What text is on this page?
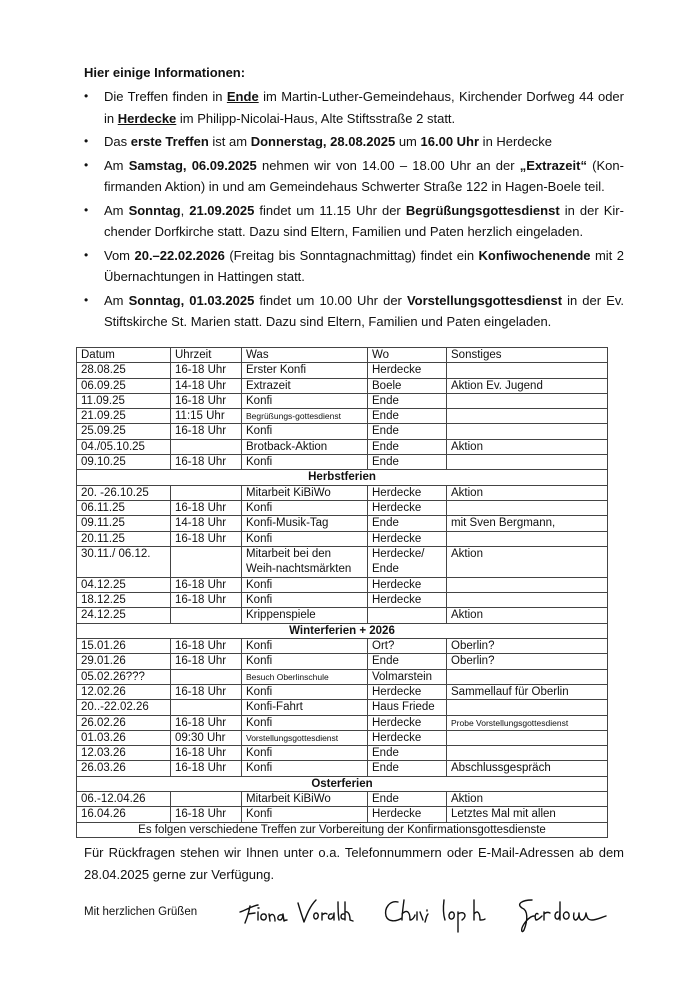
Hier einige Informationen:
• Die Treffen finden in Ende im Martin-Luther-Gemeindehaus, Kirchender Dorfweg 44 oder in Herdecke im Philipp-Nicolai-Haus, Alte Stiftsstraße 2 statt.
• Das erste Treffen ist am Donnerstag, 28.08.2025 um 16.00 Uhr in Herdecke
• Am Samstag, 06.09.2025 nehmen wir von 14.00 – 18.00 Uhr an der „Extrazeit“ (Konfirmanden Aktion) in und am Gemeindehaus Schwerter Straße 122 in Hagen-Boele teil.
• Am Sonntag, 21.09.2025 findet um 11.15 Uhr der Begrüßungsgottesdienst in der Kirchender Dorfkirche statt. Dazu sind Eltern, Familien und Paten herzlich eingeladen.
• Vom 20.–22.02.2026 (Freitag bis Sonntagnachmittag) findet ein Konfiwochenende mit 2 Übernachtungen in Hattingen statt.
• Am Sonntag, 01.03.2025 findet um 10.00 Uhr der Vorstellungsgottesdienst in der Ev. Stiftskirche St. Marien statt. Dazu sind Eltern, Familien und Paten eingeladen.
Datum	Uhrzeit	Was	Wo	Sonstiges
28.08.25	16-18 Uhr	Erster Konfi	Herdecke	
06.09.25	14-18 Uhr	Extrazeit	Boele	Aktion Ev. Jugend
11.09.25	16-18 Uhr	Konfi	Ende	
21.09.25	11:15 Uhr	Begrüßungs-gottesdienst	Ende	
25.09.25	16-18 Uhr	Konfi	Ende	
04./05.10.25		Brotback-Aktion	Ende	Aktion
09.10.25	16-18 Uhr	Konfi	Ende	
Herbstferien				
20. -26.10.25		Mitarbeit KiBiWo	Herdecke	Aktion
06.11.25	16-18 Uhr	Konfi	Herdecke	
09.11.25	14-18 Uhr	Konfi-Musik-Tag	Ende	mit Sven Bergmann,
20.11.25	16-18 Uhr	Konfi	Herdecke	
30.11./ 06.12.		Mitarbeit bei den Weih-nachtsmärkten	Herdecke/ Ende	Aktion
04.12.25	16-18 Uhr	Konfi	Herdecke	
18.12.25	16-18 Uhr	Konfi	Herdecke	
24.12.25		Krippenspiele		Aktion
Winterferien + 2026				
15.01.26	16-18 Uhr	Konfi	Ort?	Oberlin?
29.01.26	16-18 Uhr	Konfi	Ende	Oberlin?
05.02.26???		Besuch Oberlinschule	Volmarstein	
12.02.26	16-18 Uhr	Konfi	Herdecke	Sammellauf für Oberlin
20..-22.02.26		Konfi-Fahrt	Haus Friede	
26.02.26	16-18 Uhr	Konfi	Herdecke	Probe Vorstellungsgottesdienst
01.03.26	09:30 Uhr	Vorstellungsgottesdienst	Herdecke	
12.03.26	16-18 Uhr	Konfi	Ende	
26.03.26	16-18 Uhr	Konfi	Ende	Abschlussgespräch
Osterferien				
06.-12.04.26		Mitarbeit KiBiWo	Ende	Aktion
16.04.26	16-18 Uhr	Konfi	Herdecke	Letztes Mal mit allen
Es folgen verschiedene Treffen zur Vorbereitung der Konfirmationsgottesdienste				
Für Rückfragen stehen wir Ihnen unter o.a. Telefonnummern oder E-Mail-Adressen ab dem 28.04.2025 gerne zur Verfügung.
Mit herzlichen Grüßen
